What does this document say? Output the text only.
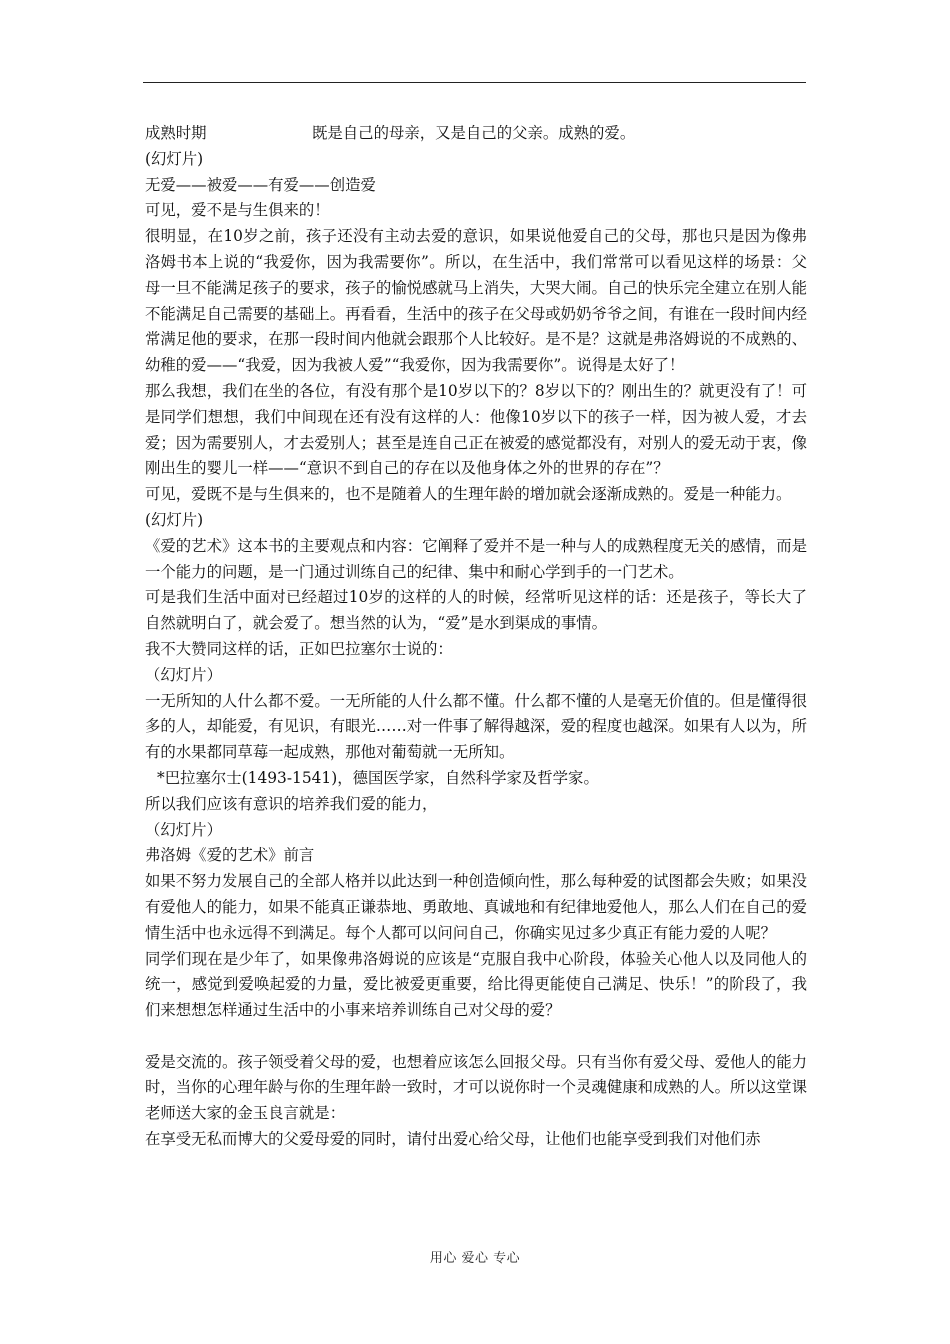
成熟时期	既是自己的母亲，又是自己的父亲。成熟的爱。

(幻灯片)

无爱——被爱——有爱——创造爱

可见，爱不是与生俱来的！

很明显，在10岁之前，孩子还没有主动去爱的意识，如果说他爱自己的父母，那也只是因为像弗洛姆书本上说的“我爱你，因为我需要你”。所以，在生活中，我们常常可以看见这样的场景：父母一旦不能满足孩子的要求，孩子的愉悦感就马上消失，大哭大闹。自己的快乐完全建立在别人能不能满足自己需要的基础上。再看看，生活中的孩子在父母或奶奶爷爷之间，有谁在一段时间内经常满足他的要求，在那一段时间内他就会跟那个人比较好。是不是？这就是弗洛姆说的不成熟的、幼稚的爱——“我爱，因为我被人爱”“我爱你，因为我需要你”。说得是太好了！

那么我想，我们在坐的各位，有没有那个是10岁以下的？8岁以下的？刚出生的？就更没有了！可是同学们想想，我们中间现在还有没有这样的人：他像10岁以下的孩子一样，因为被人爱，才去爱；因为需要别人，才去爱别人；甚至是连自己正在被爱的感觉都没有，对别人的爱无动于衷，像刚出生的婴儿一样——“意识不到自己的存在以及他身体之外的世界的存在”？

可见，爱既不是与生俱来的，也不是随着人的生理年龄的增加就会逐渐成熟的。爱是一种能力。

(幻灯片)

《爱的艺术》这本书的主要观点和内容：它阐释了爱并不是一种与人的成熟程度无关的感情，而是一个能力的问题，是一门通过训练自己的纪律、集中和耐心学到手的一门艺术。

可是我们生活中面对已经超过10岁的这样的人的时候，经常听见这样的话：还是孩子，等长大了自然就明白了，就会爱了。想当然的认为，“爱”是水到渠成的事情。

我不大赞同这样的话，正如巴拉塞尔士说的：

（幻灯片）

一无所知的人什么都不爱。一无所能的人什么都不懂。什么都不懂的人是毫无价值的。但是懂得很多的人，却能爱，有见识，有眼光……对一件事了解得越深，爱的程度也越深。如果有人以为，所有的水果都同草莓一起成熟，那他对葡萄就一无所知。

*巴拉塞尔士(1493-1541)，德国医学家，自然科学家及哲学家。

所以我们应该有意识的培养我们爱的能力，

（幻灯片）

弗洛姆《爱的艺术》前言

如果不努力发展自己的全部人格并以此达到一种创造倾向性，那么每种爱的试图都会失败；如果没有爱他人的能力，如果不能真正谦恭地、勇敢地、真诚地和有纪律地爱他人，那么人们在自己的爱情生活中也永远得不到满足。每个人都可以问问自己，你确实见过多少真正有能力爱的人呢？

同学们现在是少年了，如果像弗洛姆说的应该是“克服自我中心阶段，体验关心他人以及同他人的统一，感觉到爱唤起爱的力量，爱比被爱更重要，给比得更能使自己满足、快乐！”的阶段了，我们来想想怎样通过生活中的小事来培养训练自己对父母的爱？

爱是交流的。孩子领受着父母的爱，也想着应该怎么回报父母。只有当你有爱父母、爱他人的能力时，当你的心理年龄与你的生理年龄一致时，才可以说你时一个灵魂健康和成熟的人。所以这堂课老师送大家的金玉良言就是：

在享受无私而博大的父爱母爱的同时，请付出爱心给父母，让他们也能享受到我们对他们赤

用心 爱心 专心
